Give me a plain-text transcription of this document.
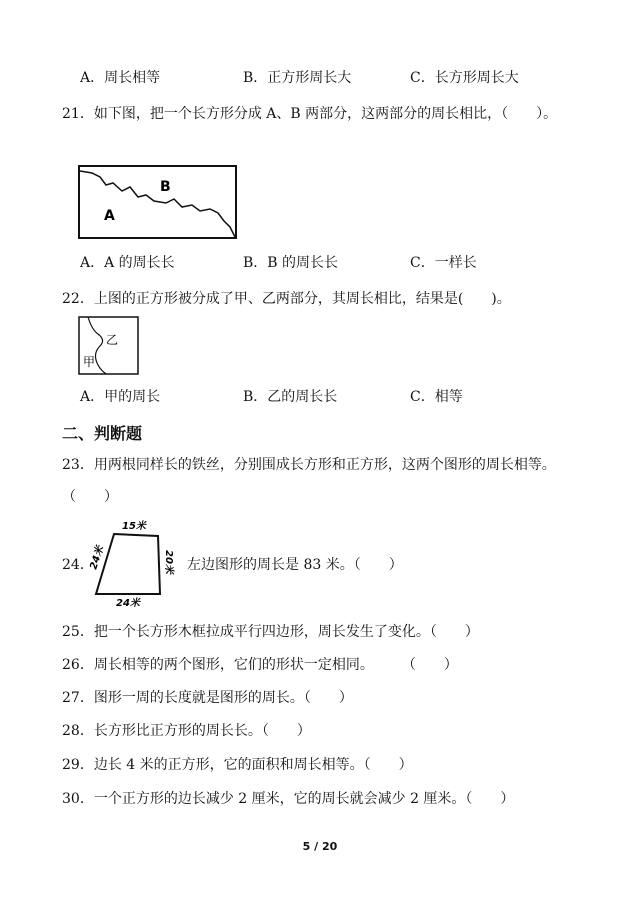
A．周长相等	B．正方形周长大	C．长方形周长大
21．如下图，把一个长方形分成 A、B 两部分，这两部分的周长相比，（　　）。
B
A
A．A 的周长长	B．B 的周长长	C．一样长
22．上图的正方形被分成了甲、乙两部分，其周长相比，结果是(　　)。
乙
甲
A．甲的周长	B．乙的周长长	C．相等
二、判断题
23．用两根同样长的铁丝，分别围成长方形和正方形，这两个图形的周长相等。
（　　）
24．
15米
24米	20米
24米
左边图形的周长是 83 米。（　　）
25．把一个长方形木框拉成平行四边形，周长发生了变化。（　　）
26．周长相等的两个图形，它们的形状一定相同。　　　（　　）
27．图形一周的长度就是图形的周长。（　　）
28．长方形比正方形的周长长。（　　）
29．边长 4 米的正方形，它的面积和周长相等。（　　）
30．一个正方形的边长减少 2 厘米，它的周长就会减少 2 厘米。（　　）
5 / 20
